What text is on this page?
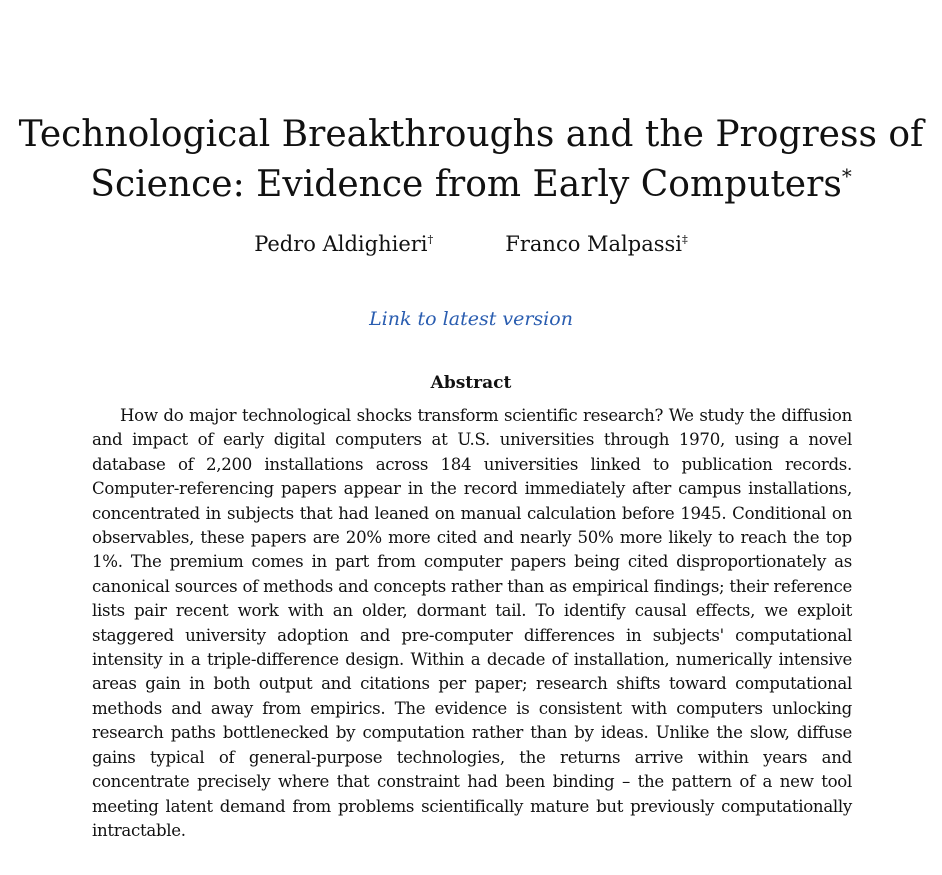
Technological Breakthroughs and the Progress of Science: Evidence from Early Computers*
Pedro Aldighieri†	Franco Malpassi‡
Link to latest version
Abstract

How do major technological shocks transform scientific research? We study the diffusion and impact of early digital computers at U.S. universities through 1970, using a novel database of 2,200 installations across 184 universities linked to publication records. Computer-referencing papers appear in the record immediately after campus installations, concentrated in subjects that had leaned on manual calculation before 1945. Conditional on observables, these papers are 20% more cited and nearly 50% more likely to reach the top 1%. The premium comes in part from computer papers being cited disproportionately as canonical sources of methods and concepts rather than as empirical findings; their reference lists pair recent work with an older, dormant tail. To identify causal effects, we exploit staggered university adoption and pre-computer differences in subjects' computational intensity in a triple-difference design. Within a decade of installation, numerically intensive areas gain in both output and citations per paper; research shifts toward computational methods and away from empirics. The evidence is consistent with computers unlocking research paths bottlenecked by computation rather than by ideas. Unlike the slow, diffuse gains typical of general-purpose technologies, the returns arrive within years and concentrate precisely where that constraint had been binding – the pattern of a new tool meeting latent demand from problems scientifically mature but previously computationally intractable.
